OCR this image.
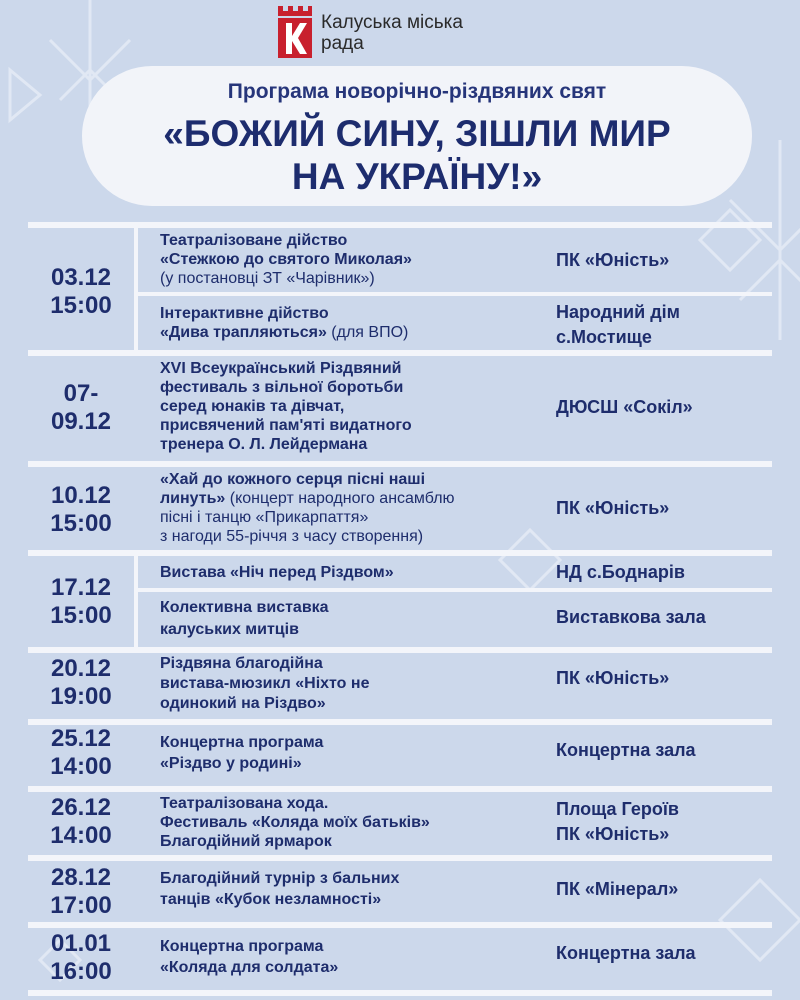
Калуська міська
рада
Програма новорічно-різдвяних свят
«БОЖИЙ СИНУ, ЗІШЛИ МИР
НА УКРАЇНУ!»
03.12
15:00
Театралізоване дійство
«Стежкою до святого Миколая»
(у постановці ЗТ «Чарівник»)
ПК «Юність»
Інтерактивне дійство
«Дива трапляються» (для ВПО)
Народний дім
с.Мостище
07-
09.12
XVI Всеукраїнський Різдвяний
фестиваль з вільної боротьби
серед юнаків та дівчат,
присвячений пам'яті видатного
тренера О. Л. Лейдермана
ДЮСШ «Сокіл»
10.12
15:00
«Хай до кожного серця пісні наші
линуть» (концерт народного ансамблю
пісні і танцю «Прикарпаття»
з нагоди 55-річчя з часу створення)
ПК «Юність»
17.12
15:00
Вистава «Ніч перед Різдвом»	НД с.Боднарів
Колективна виставка
калуських митців
Виставкова зала
20.12
19:00
Різдвяна благодійна
вистава-мюзикл «Ніхто не
одинокий на Різдво»
ПК «Юність»
25.12
14:00
Концертна програма
«Різдво у родині»
Концертна зала
26.12
14:00
Театралізована хода.
Фестиваль «Коляда моїх батьків»
Благодійний ярмарок
Площа Героїв
ПК «Юність»
28.12
17:00
Благодійний турнір з бальних
танців «Кубок незламності»
ПК «Мінерал»
01.01
16:00
Концертна програма
«Коляда для солдата»
Концертна зала
